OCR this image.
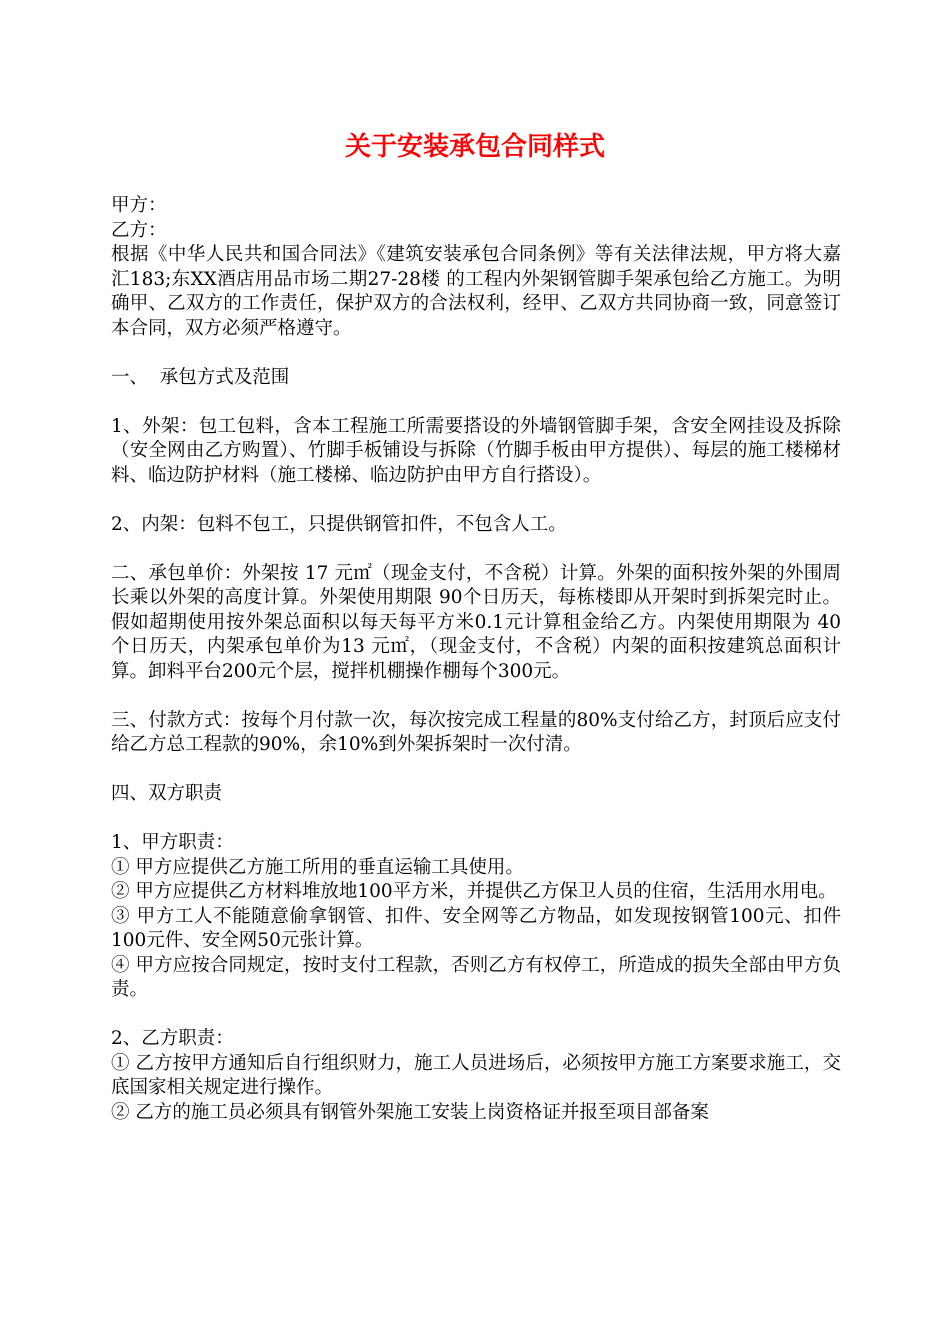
关于安装承包合同样式

甲方：

乙方：

根据《中华人民共和国合同法》《建筑安装承包合同条例》等有关法律法规，甲方将大嘉汇183;东XX酒店用品市场二期27-28楼 的工程内外架钢管脚手架承包给乙方施工。为明确甲、乙双方的工作责任，保护双方的合法权利，经甲、乙双方共同协商一致，同意签订本合同，双方必须严格遵守。

一、  承包方式及范围

1、外架：包工包料，含本工程施工所需要搭设的外墙钢管脚手架，含安全网挂设及拆除（安全网由乙方购置）、竹脚手板铺设与拆除（竹脚手板由甲方提供）、每层的施工楼梯材料、临边防护材料（施工楼梯、临边防护由甲方自行搭设）。

2、内架：包料不包工，只提供钢管扣件，不包含人工。

二、承包单价：外架按 17 元㎡（现金支付，不含税）计算。外架的面积按外架的外围周长乘以外架的高度计算。外架使用期限 90个日历天，每栋楼即从开架时到拆架完时止。假如超期使用按外架总面积以每天每平方米0.1元计算租金给乙方。内架使用期限为 40 个日历天，内架承包单价为13 元㎡，（现金支付，不含税）内架的面积按建筑总面积计算。卸料平台200元个层，搅拌机棚操作棚每个300元。

三、付款方式：按每个月付款一次，每次按完成工程量的80%支付给乙方，封顶后应支付给乙方总工程款的90%，余10%到外架拆架时一次付清。

四、双方职责

1、甲方职责：

① 甲方应提供乙方施工所用的垂直运输工具使用。

② 甲方应提供乙方材料堆放地100平方米，并提供乙方保卫人员的住宿，生活用水用电。

③ 甲方工人不能随意偷拿钢管、扣件、安全网等乙方物品，如发现按钢管100元、扣件100元件、安全网50元张计算。

④ 甲方应按合同规定，按时支付工程款，否则乙方有权停工，所造成的损失全部由甲方负责。

2、乙方职责：

① 乙方按甲方通知后自行组织财力，施工人员进场后，必须按甲方施工方案要求施工，交底国家相关规定进行操作。

② 乙方的施工员必须具有钢管外架施工安装上岗资格证并报至项目部备案
